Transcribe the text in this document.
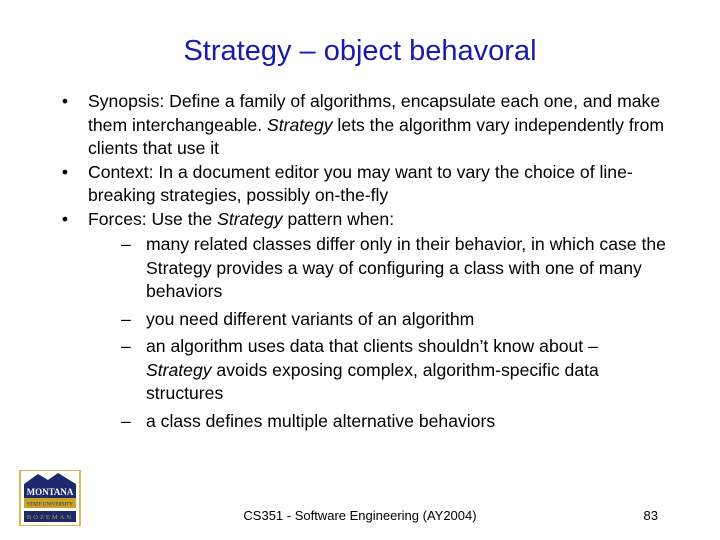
Strategy – object behavoral
•	Synopsis: Define a family of algorithms, encapsulate each one, and make them interchangeable. Strategy lets the algorithm vary independently from clients that use it
•	Context: In a document editor you may want to vary the choice of line-breaking strategies, possibly on-the-fly
•	Forces: Use the Strategy pattern when:
– many related classes differ only in their behavior, in which case the Strategy provides a way of configuring a class with one of many behaviors
– you need different variants of an algorithm
– an algorithm uses data that clients shouldn’t know about – Strategy avoids exposing complex, algorithm-specific data structures
– a class defines multiple alternative behaviors
MONTANA
STATE UNIVERSITY
BOZEMAN	CS351 - Software Engineering (AY2004)	83
